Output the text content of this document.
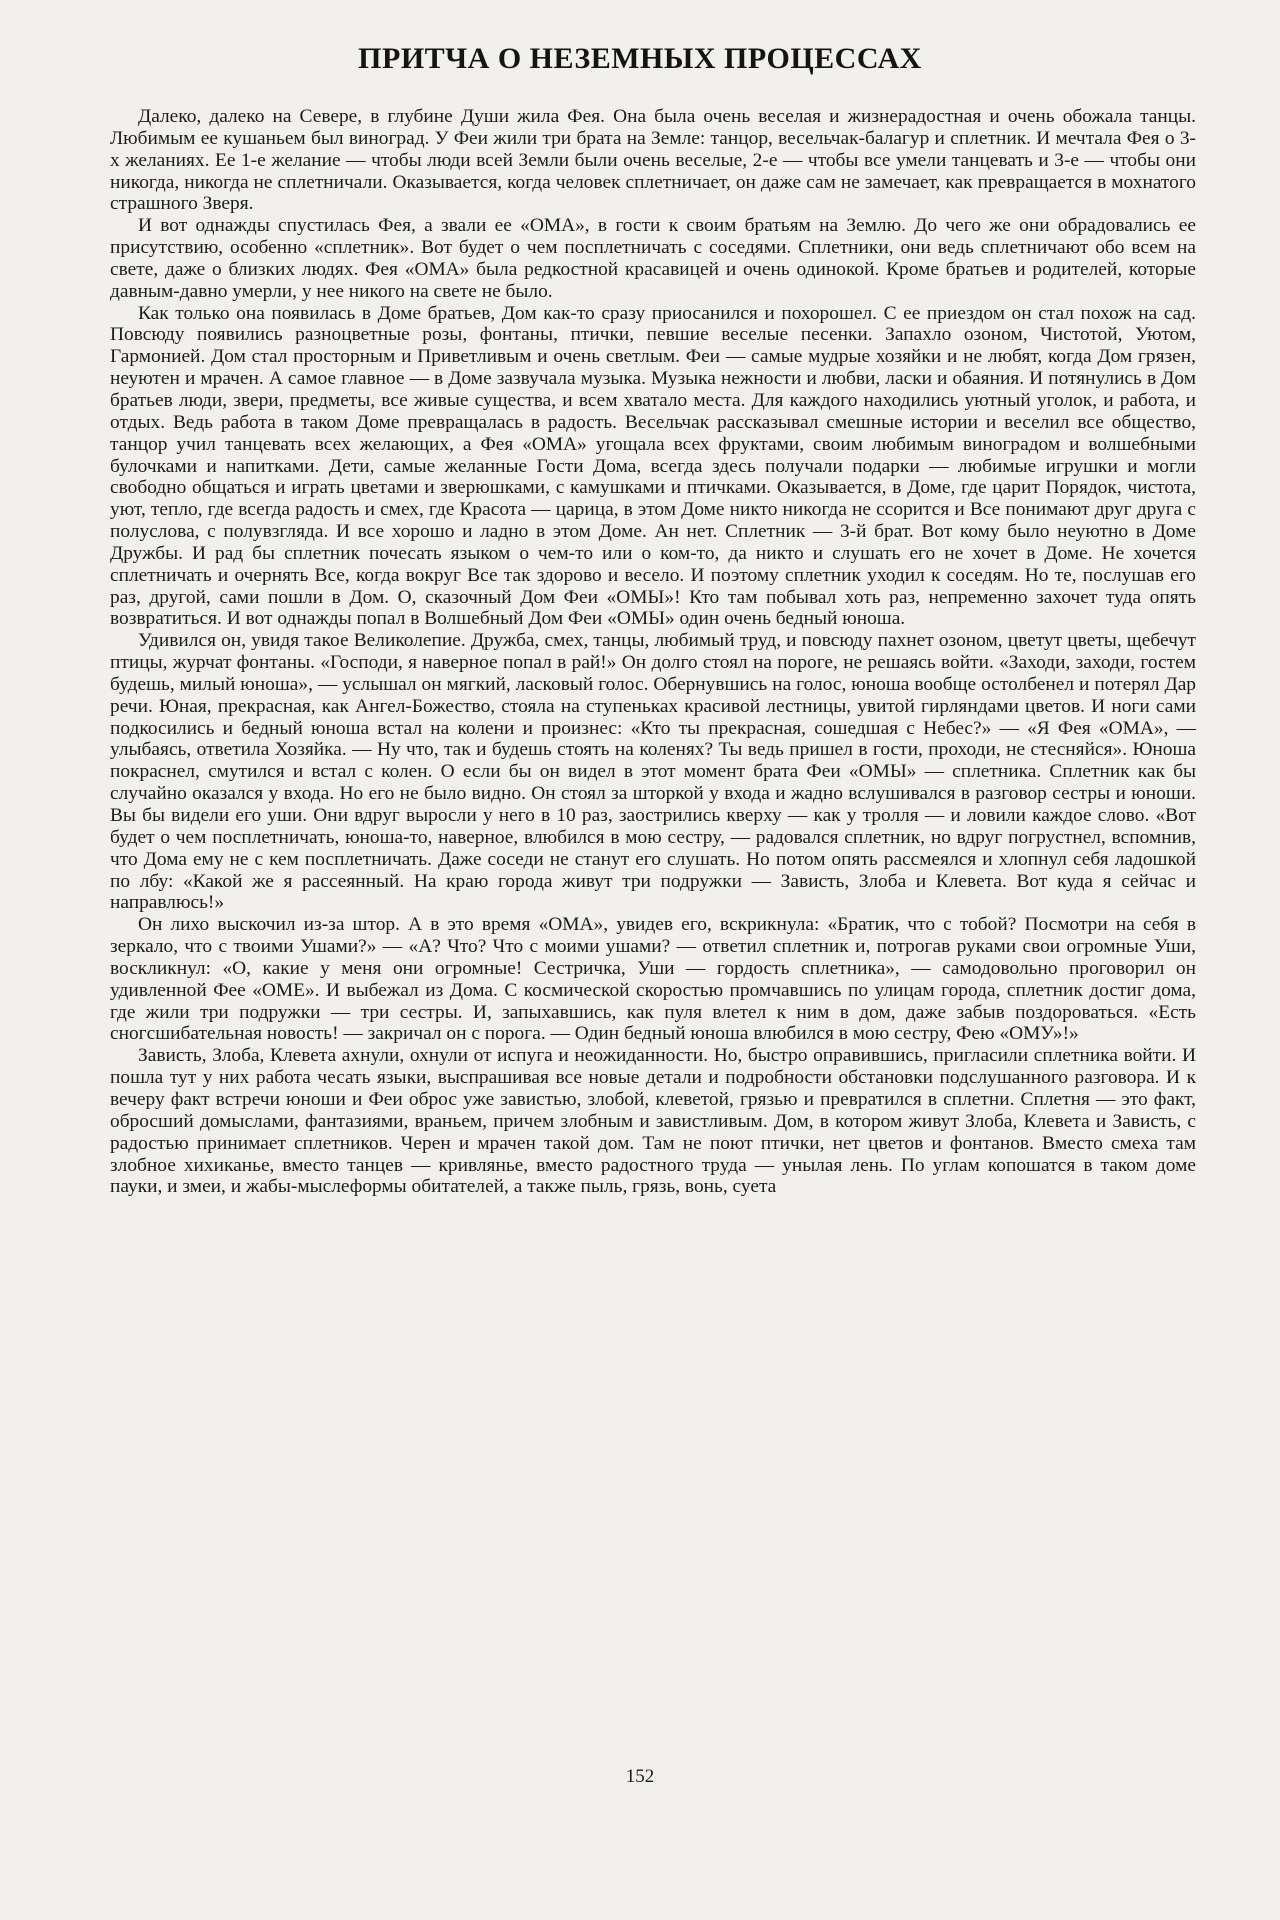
ПРИТЧА О НЕЗЕМНЫХ ПРОЦЕССАХ

Далеко, далеко на Севере, в глубине Души жила Фея. Она была очень веселая и жизнерадостная и очень обожала танцы. Любимым ее кушаньем был виноград. У Феи жили три брата на Земле: танцор, весельчак-балагур и сплетник. И мечтала Фея о 3-х желаниях. Ее 1-е желание — чтобы люди всей Земли были очень веселые, 2-е — чтобы все умели танцевать и 3-е — чтобы они никогда, никогда не сплетничали. Оказывается, когда человек сплетничает, он даже сам не замечает, как превращается в мохнатого страшного Зверя.

И вот однажды спустилась Фея, а звали ее «ОМА», в гости к своим братьям на Землю. До чего же они обрадовались ее присутствию, особенно «сплетник». Вот будет о чем посплетничать с соседями. Сплетники, они ведь сплетничают обо всем на свете, даже о близких людях. Фея «ОМА» была редкостной красавицей и очень одинокой. Кроме братьев и родителей, которые давным-давно умерли, у нее никого на свете не было.

Как только она появилась в Доме братьев, Дом как-то сразу приосанился и похорошел. С ее приездом он стал похож на сад. Повсюду появились разноцветные розы, фонтаны, птички, певшие веселые песенки. Запахло озоном, Чистотой, Уютом, Гармонией. Дом стал просторным и Приветливым и очень светлым. Феи — самые мудрые хозяйки и не любят, когда Дом грязен, неуютен и мрачен. А самое главное — в Доме зазвучала музыка. Музыка нежности и любви, ласки и обаяния. И потянулись в Дом братьев люди, звери, предметы, все живые существа, и всем хватало места. Для каждого находились уютный уголок, и работа, и отдых. Ведь работа в таком Доме превращалась в радость. Весельчак рассказывал смешные истории и веселил все общество, танцор учил танцевать всех желающих, а Фея «ОМА» угощала всех фруктами, своим любимым виноградом и волшебными булочками и напитками. Дети, самые желанные Гости Дома, всегда здесь получали подарки — любимые игрушки и могли свободно общаться и играть цветами и зверюшками, с камушками и птичками. Оказывается, в Доме, где царит Порядок, чистота, уют, тепло, где всегда радость и смех, где Красота — царица, в этом Доме никто никогда не ссорится и Все понимают друг друга с полуслова, с полувзгляда. И все хорошо и ладно в этом Доме. Ан нет. Сплетник — 3-й брат. Вот кому было неуютно в Доме Дружбы. И рад бы сплетник почесать языком о чем-то или о ком-то, да никто и слушать его не хочет в Доме. Не хочется сплетничать и очернять Все, когда вокруг Все так здорово и весело. И поэтому сплетник уходил к соседям. Но те, послушав его раз, другой, сами пошли в Дом. О, сказочный Дом Феи «ОМЫ»! Кто там побывал хоть раз, непременно захочет туда опять возвратиться. И вот однажды попал в Волшебный Дом Феи «ОМЫ» один очень бедный юноша.

Удивился он, увидя такое Великолепие. Дружба, смех, танцы, любимый труд, и повсюду пахнет озоном, цветут цветы, щебечут птицы, журчат фонтаны. «Господи, я наверное попал в рай!» Он долго стоял на пороге, не решаясь войти. «Заходи, заходи, гостем будешь, милый юноша», — услышал он мягкий, ласковый голос. Обернувшись на голос, юноша вообще остолбенел и потерял Дар речи. Юная, прекрасная, как Ангел-Божество, стояла на ступеньках красивой лестницы, увитой гирляндами цветов. И ноги сами подкосились и бедный юноша встал на колени и произнес: «Кто ты прекрасная, сошедшая с Небес?» — «Я Фея «ОМА», — улыбаясь, ответила Хозяйка. — Ну что, так и будешь стоять на коленях? Ты ведь пришел в гости, проходи, не стесняйся». Юноша покраснел, смутился и встал с колен. О если бы он видел в этот момент брата Феи «ОМЫ» — сплетника. Сплетник как бы случайно оказался у входа. Но его не было видно. Он стоял за шторкой у входа и жадно вслушивался в разговор сестры и юноши. Вы бы видели его уши. Они вдруг выросли у него в 10 раз, заострились кверху — как у тролля — и ловили каждое слово. «Вот будет о чем посплетничать, юноша-то, наверное, влюбился в мою сестру, — радовался сплетник, но вдруг погрустнел, вспомнив, что Дома ему не с кем посплетничать. Даже соседи не станут его слушать. Но потом опять рассмеялся и хлопнул себя ладошкой по лбу: «Какой же я рассеянный. На краю города живут три подружки — Зависть, Злоба и Клевета. Вот куда я сейчас и направлюсь!»

Он лихо выскочил из-за штор. А в это время «ОМА», увидев его, вскрикнула: «Братик, что с тобой? Посмотри на себя в зеркало, что с твоими Ушами?» — «А? Что? Что с моими ушами? — ответил сплетник и, потрогав руками свои огромные Уши, воскликнул: «О, какие у меня они огромные! Сестричка, Уши — гордость сплетника», — самодовольно проговорил он удивленной Фее «ОМЕ». И выбежал из Дома. С космической скоростью промчавшись по улицам города, сплетник достиг дома, где жили три подружки — три сестры. И, запыхавшись, как пуля влетел к ним в дом, даже забыв поздороваться. «Есть сногсшибательная новость! — закричал он с порога. — Один бедный юноша влюбился в мою сестру, Фею «ОМУ»!»

Зависть, Злоба, Клевета ахнули, охнули от испуга и неожиданности. Но, быстро оправившись, пригласили сплетника войти. И пошла тут у них работа чесать языки, выспрашивая все новые детали и подробности обстановки подслушанного разговора. И к вечеру факт встречи юноши и Феи оброс уже завистью, злобой, клеветой, грязью и превратился в сплетни. Сплетня — это факт, обросший домыслами, фантазиями, враньем, причем злобным и завистливым. Дом, в котором живут Злоба, Клевета и Зависть, с радостью принимает сплетников. Черен и мрачен такой дом. Там не поют птички, нет цветов и фонтанов. Вместо смеха там злобное хихиканье, вместо танцев — кривлянье, вместо радостного труда — унылая лень. По углам копошатся в таком доме пауки, и змеи, и жабы-мыслеформы обитателей, а также пыль, грязь, вонь, суета

152
